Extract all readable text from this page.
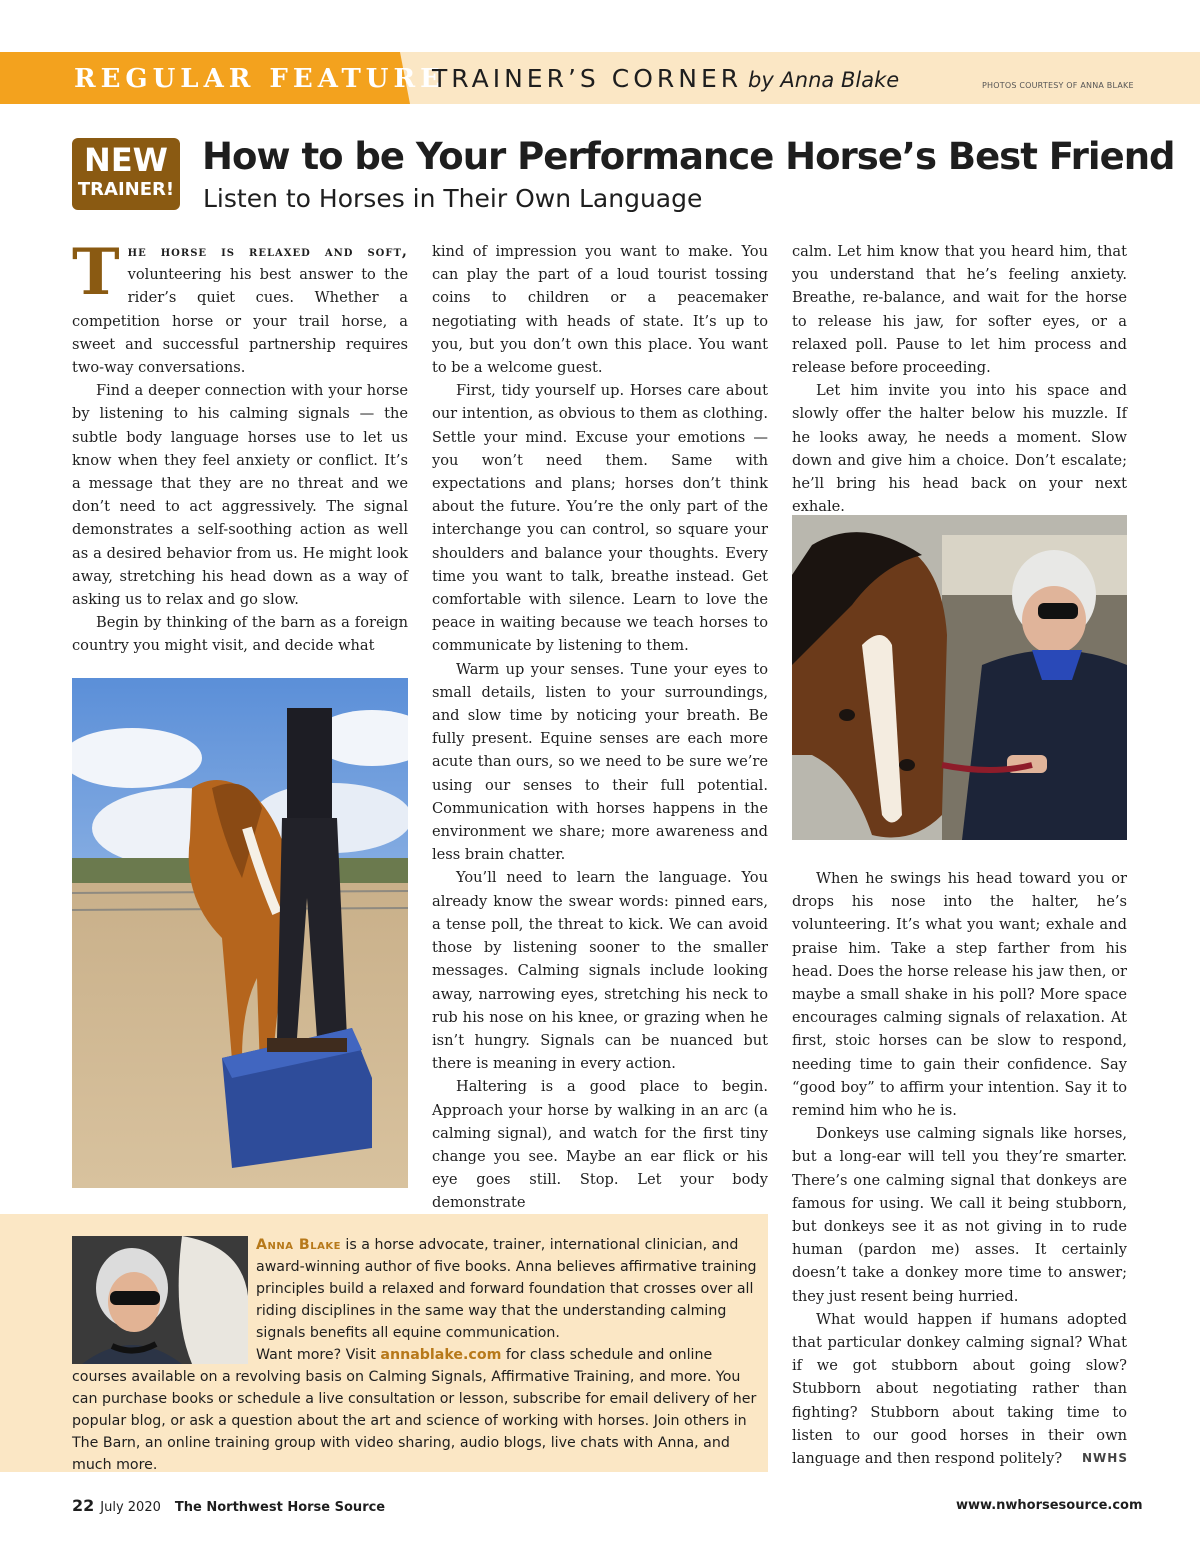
REGULAR FEATURE
TRAINER’S CORNER by Anna Blake	PHOTOS COURTESY OF ANNA BLAKE
NEW
TRAINER!
How to be Your Performance Horse’s Best Friend
Listen to Horses in Their Own Language

The horse is relaxed and soft, volunteering his best answer to the rider’s quiet cues. Whether a competition horse or your trail horse, a sweet and successful partnership requires two-way conversations.

Find a deeper connection with your horse by listening to his calming signals — the subtle body language horses use to let us know when they feel anxiety or conflict. It’s a message that they are no threat and we don’t need to act aggressively. The signal demonstrates a self-soothing action as well as a desired behavior from us. He might look away, stretching his head down as a way of asking us to relax and go slow.

Begin by thinking of the barn as a foreign country you might visit, and decide what

kind of impression you want to make. You can play the part of a loud tourist tossing coins to children or a peacemaker negotiating with heads of state. It’s up to you, but you don’t own this place. You want to be a welcome guest.

First, tidy yourself up. Horses care about our intention, as obvious to them as clothing. Settle your mind. Excuse your emotions — you won’t need them. Same with expectations and plans; horses don’t think about the future. You’re the only part of the interchange you can control, so square your shoulders and balance your thoughts. Every time you want to talk, breathe instead. Get comfortable with silence. Learn to love the peace in waiting because we teach horses to communicate by listening to them.

Warm up your senses. Tune your eyes to small details, listen to your surroundings, and slow time by noticing your breath. Be fully present. Equine senses are each more acute than ours, so we need to be sure we’re using our senses to their full potential. Communication with horses happens in the environment we share; more awareness and less brain chatter.

You’ll need to learn the language. You already know the swear words: pinned ears, a tense poll, the threat to kick. We can avoid those by listening sooner to the smaller messages. Calming signals include looking away, narrowing eyes, stretching his neck to rub his nose on his knee, or grazing when he isn’t hungry. Signals can be nuanced but there is meaning in every action.

Haltering is a good place to begin. Approach your horse by walking in an arc (a calming signal), and watch for the first tiny change you see. Maybe an ear flick or his eye goes still. Stop. Let your body demonstrate

calm. Let him know that you heard him, that you understand that he’s feeling anxiety. Breathe, re-balance, and wait for the horse to release his jaw, for softer eyes, or a relaxed poll. Pause to let him process and release before proceeding.

Let him invite you into his space and slowly offer the halter below his muzzle. If he looks away, he needs a moment. Slow down and give him a choice. Don’t escalate; he’ll bring his head back on your next exhale.

When he swings his head toward you or drops his nose into the halter, he’s volunteering. It’s what you want; exhale and praise him. Take a step farther from his head. Does the horse release his jaw then, or maybe a small shake in his poll? More space encourages calming signals of relaxation. At first, stoic horses can be slow to respond, needing time to gain their confidence. Say “good boy” to affirm your intention. Say it to remind him who he is.

Donkeys use calming signals like horses, but a long-ear will tell you they’re smarter. There’s one calming signal that donkeys are famous for using. We call it being stubborn, but donkeys see it as not giving in to rude human (pardon me) asses. It certainly doesn’t take a donkey more time to answer; they just resent being hurried.

What would happen if humans adopted that particular donkey calming signal? What if we got stubborn about going slow? Stubborn about negotiating rather than fighting? Stubborn about taking time to listen to our good horses in their own language and then respond politely?	NWHS
Anna Blake is a horse advocate, trainer, international clinician, and award-winning author of five books. Anna believes affirmative training principles build a relaxed and forward foundation that crosses over all riding disciplines in the same way that the understanding calming signals benefits all equine communication.
Want more? Visit annablake.com for class schedule and online courses available on a revolving basis on Calming Signals, Affirmative Training, and more. You can purchase books or schedule a live consultation or lesson, subscribe for email delivery of her popular blog, or ask a question about the art and science of working with horses. Join others in The Barn, an online training group with video sharing, audio blogs, live chats with Anna, and much more.
22 July 2020 The Northwest Horse Source	www.nwhorsesource.com
